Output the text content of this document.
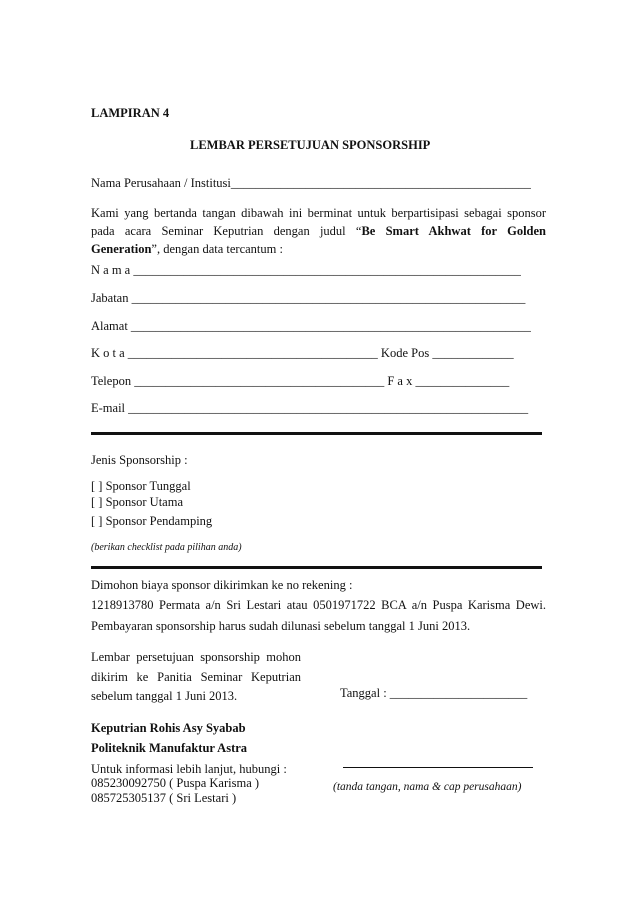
LAMPIRAN 4
LEMBAR PERSETUJUAN SPONSORSHIP
Nama Perusahaan / Institusi________________________________________________
Kami yang bertanda tangan dibawah ini berminat untuk berpartisipasi sebagai sponsor
pada acara Seminar Keputrian dengan judul “Be Smart Akhwat for Golden
Generation”, dengan data tercantum :
N a m a ______________________________________________________________
Jabatan _______________________________________________________________
Alamat ________________________________________________________________
K o t a ________________________________________ Kode Pos _____________
Telepon ________________________________________ F a x _______________
E-mail ________________________________________________________________
Jenis Sponsorship :
[ ] Sponsor Tunggal
[ ] Sponsor Utama
[ ] Sponsor Pendamping
(berikan checklist pada pilihan anda)
Dimohon biaya sponsor dikirimkan ke no rekening :
1218913780 Permata a/n Sri Lestari atau 0501971722 BCA a/n Puspa Karisma Dewi.
Pembayaran sponsorship harus sudah dilunasi sebelum tanggal 1 Juni 2013.
Lembar persetujuan sponsorship mohon
dikirim ke Panitia Seminar Keputrian
sebelum tanggal 1 Juni 2013.	Tanggal : ______________________
Keputrian Rohis Asy Syabab
Politeknik Manufaktur Astra
Untuk informasi lebih lanjut, hubungi :
085230092750 ( Puspa Karisma )
085725305137 ( Sri Lestari )
(tanda tangan, nama & cap perusahaan)
